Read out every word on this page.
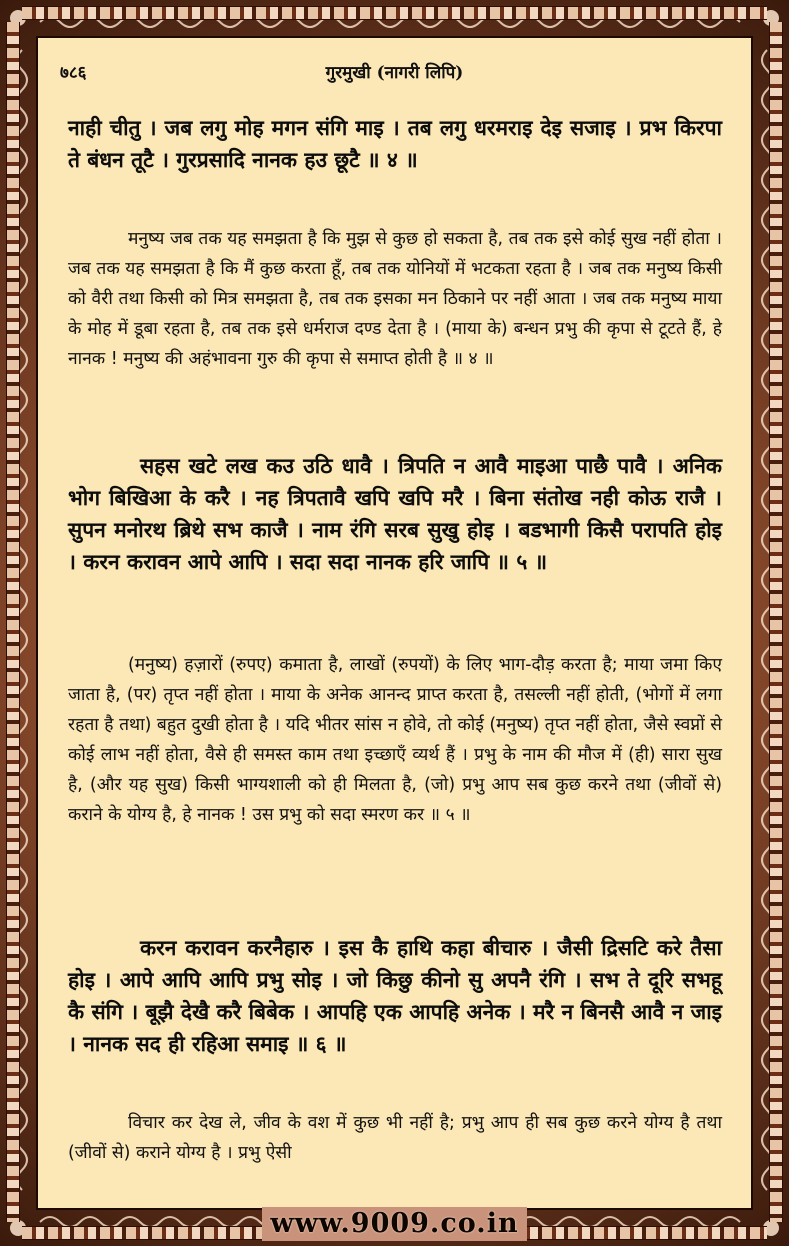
७८६	गुरमुखी (नागरी लिपि)

नाही चीतु । जब लगु मोह मगन संगि माइ । तब लगु धरमराइ देइ सजाइ । प्रभ किरपा ते बंधन तूटै । गुरप्रसादि नानक हउ छूटै ॥ ४ ॥

मनुष्य जब तक यह समझता है कि मुझ से कुछ हो सकता है, तब तक इसे कोई सुख नहीं होता । जब तक यह समझता है कि मैं कुछ करता हूँ, तब तक योनियों में भटकता रहता है । जब तक मनुष्य किसी को वैरी तथा किसी को मित्र समझता है, तब तक इसका मन ठिकाने पर नहीं आता । जब तक मनुष्य माया के मोह में डूबा रहता है, तब तक इसे धर्मराज दण्ड देता है । (माया के) बन्धन प्रभु की कृपा से टूटते हैं, हे नानक ! मनुष्य की अहंभावना गुरु की कृपा से समाप्त होती है ॥ ४ ॥

सहस खटे लख कउ उठि धावै । त्रिपति न आवै माइआ पाछै पावै । अनिक भोग बिखिआ के करै । नह त्रिपतावै खपि खपि मरै । बिना संतोख नही कोऊ राजै । सुपन मनोरथ ब्रिथे सभ काजै । नाम रंगि सरब सुखु होइ । बडभागी किसै परापति होइ । करन करावन आपे आपि । सदा सदा नानक हरि जापि ॥ ५ ॥

(मनुष्य) हज़ारों (रुपए) कमाता है, लाखों (रुपयों) के लिए भाग-दौड़ करता है; माया जमा किए जाता है, (पर) तृप्त नहीं होता । माया के अनेक आनन्द प्राप्त करता है, तसल्ली नहीं होती, (भोगों में लगा रहता है तथा) बहुत दुखी होता है । यदि भीतर सांस न होवे, तो कोई (मनुष्य) तृप्त नहीं होता, जैसे स्वप्नों से कोई लाभ नहीं होता, वैसे ही समस्त काम तथा इच्छाएँ व्यर्थ हैं । प्रभु के नाम की मौज में (ही) सारा सुख है, (और यह सुख) किसी भाग्यशाली को ही मिलता है, (जो) प्रभु आप सब कुछ करने तथा (जीवों से) कराने के योग्य है, हे नानक ! उस प्रभु को सदा स्मरण कर ॥ ५ ॥

करन करावन करनैहारु । इस कै हाथि कहा बीचारु । जैसी द्रिसटि करे तैसा होइ । आपे आपि आपि प्रभु सोइ । जो किछु कीनो सु अपनै रंगि । सभ ते दूरि सभहू कै संगि । बूझै देखै करै बिबेक । आपहि एक आपहि अनेक । मरै न बिनसै आवै न जाइ । नानक सद ही रहिआ समाइ ॥ ६ ॥

विचार कर देख ले, जीव के वश में कुछ भी नहीं है; प्रभु आप ही सब कुछ करने योग्य है तथा (जीवों से) कराने योग्य है । प्रभु ऐसी

www.9009.co.in
